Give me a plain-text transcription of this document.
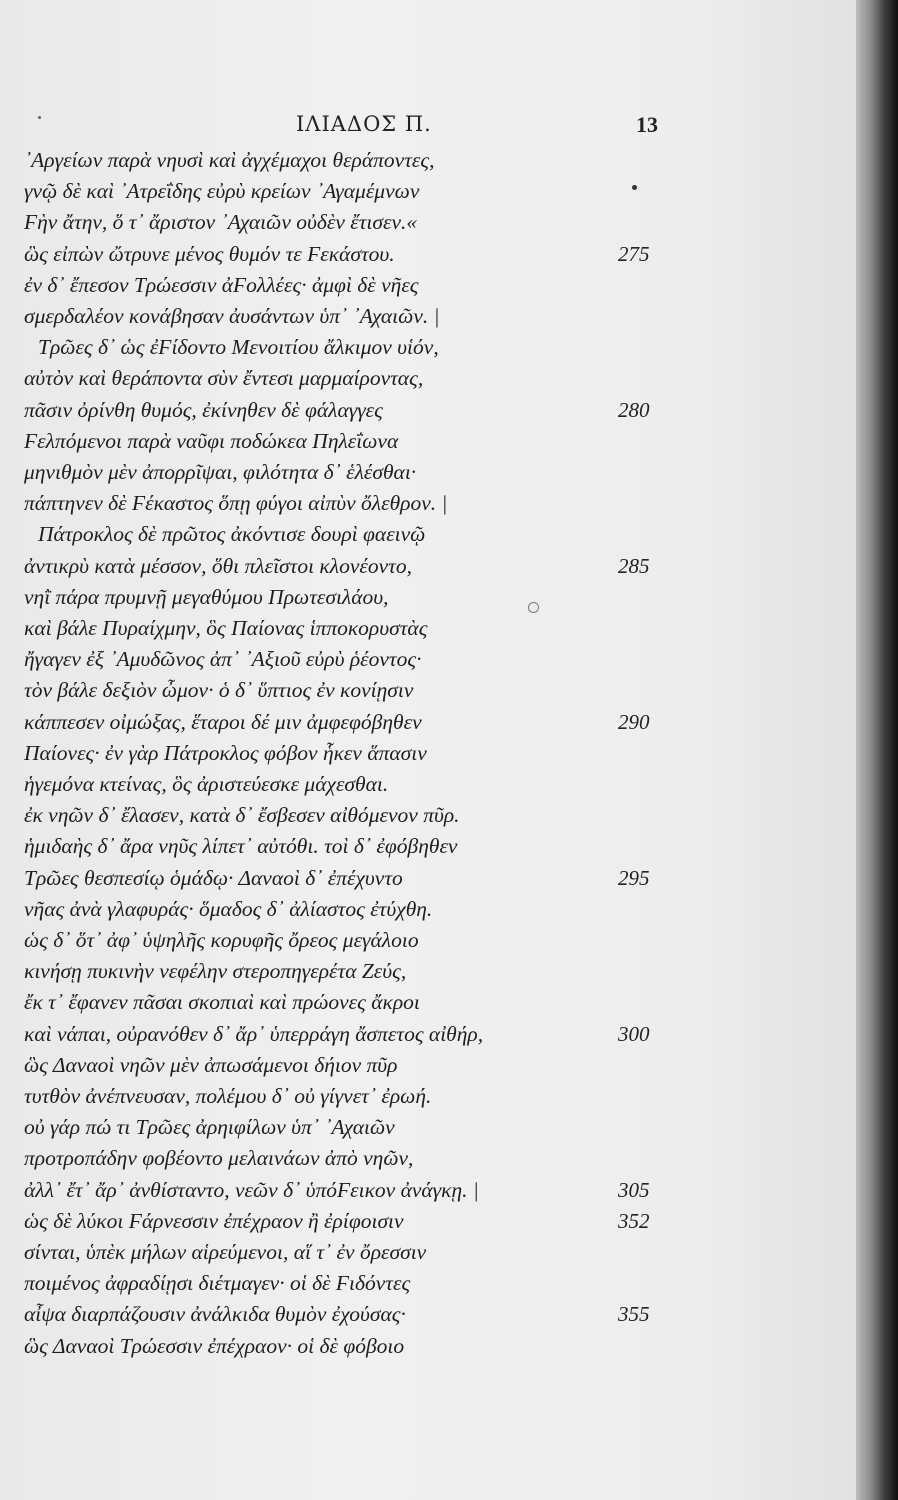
ΙΛΙΑΔΟΣ Π.	13
᾽Αργείων παρὰ νηυσὶ καὶ ἀγχέμαχοι θεράποντες,
γνῷ δὲ καὶ ᾽Ατρεΐδης εὐρὺ κρείων ᾽Αγαμέμνων
Ϝὴν ἄτην, ὅ τ᾽ ἄριστον ᾽Αχαιῶν οὐδὲν ἔτισεν.«
ὣς εἰπὼν ὤτρυνε μένος θυμόν τε Ϝεκάστου.	275
ἐν δ᾽ ἔπεσον Τρώεσσιν ἀϜολλέες· ἀμφὶ δὲ νῆες
σμερδαλέον κονάβησαν ἀυσάντων ὑπ᾽ ᾽Αχαιῶν. |
Τρῶες δ᾽ ὡς ἐϜίδοντο Μενοιτίου ἄλκιμον υἱόν,
αὐτὸν καὶ θεράποντα σὺν ἔντεσι μαρμαίροντας,
πᾶσιν ὀρίνθη θυμός, ἐκίνηθεν δὲ φάλαγγες	280
Ϝελπόμενοι παρὰ ναῦφι ποδώκεα Πηλεΐωνα
μηνιθμὸν μὲν ἀπορρῖψαι, φιλότητα δ᾽ ἑλέσθαι·
πάπτηνεν δὲ Ϝέκαστος ὅπῃ φύγοι αἰπὺν ὄλεθρον. |
Πάτροκλος δὲ πρῶτος ἀκόντισε δουρὶ φαεινῷ
ἀντικρὺ κατὰ μέσσον, ὅθι πλεῖστοι κλονέοντο,	285
νηῒ πάρα πρυμνῇ μεγαθύμου Πρωτεσιλάου,
καὶ βάλε Πυραίχμην, ὃς Παίονας ἱπποκορυστὰς
ἤγαγεν ἐξ ᾽Αμυδῶνος ἀπ᾽ ᾽Αξιοῦ εὐρὺ ῥέοντος·
τὸν βάλε δεξιὸν ὦμον· ὁ δ᾽ ὕπτιος ἐν κονίῃσιν
κάππεσεν οἰμώξας, ἕταροι δέ μιν ἀμφεφόβηθεν	290
Παίονες· ἐν γὰρ Πάτροκλος φόβον ἧκεν ἅπασιν
ἡγεμόνα κτείνας, ὃς ἀριστεύεσκε μάχεσθαι.
ἐκ νηῶν δ᾽ ἔλασεν, κατὰ δ᾽ ἔσβεσεν αἰθόμενον πῦρ.
ἡμιδαὴς δ᾽ ἄρα νηῦς λίπετ᾽ αὐτόθι. τοὶ δ᾽ ἐφόβηθεν
Τρῶες θεσπεσίῳ ὁμάδῳ· Δαναοὶ δ᾽ ἐπέχυντο	295
νῆας ἀνὰ γλαφυράς· ὅμαδος δ᾽ ἀλίαστος ἐτύχθη.
ὡς δ᾽ ὅτ᾽ ἀφ᾽ ὑψηλῆς κορυφῆς ὄρεος μεγάλοιο
κινήσῃ πυκινὴν νεφέλην στεροπηγερέτα Ζεύς,
ἔκ τ᾽ ἔφανεν πᾶσαι σκοπιαὶ καὶ πρώονες ἄκροι
καὶ νάπαι, οὐρανόθεν δ᾽ ἄρ᾽ ὑπερράγη ἄσπετος αἰθήρ,	300
ὣς Δαναοὶ νηῶν μὲν ἀπωσάμενοι δήιον πῦρ
τυτθὸν ἀνέπνευσαν, πολέμου δ᾽ οὐ γίγνετ᾽ ἐρωή.
οὐ γάρ πώ τι Τρῶες ἀρηιφίλων ὑπ᾽ ᾽Αχαιῶν
προτροπάδην φοβέοντο μελαινάων ἀπὸ νηῶν,
ἀλλ᾽ ἔτ᾽ ἄρ᾽ ἀνθίσταντο, νεῶν δ᾽ ὑπόϜεικον ἀνάγκῃ. |	305
ὡς δὲ λύκοι Ϝάρνεσσιν ἐπέχραον ἢ ἐρίφοισιν	352
σίνται, ὑπὲκ μήλων αἱρεύμενοι, αἵ τ᾽ ἐν ὄρεσσιν
ποιμένος ἀφραδίῃσι διέτμαγεν· οἱ δὲ Ϝιδόντες
αἶψα διαρπάζουσιν ἀνάλκιδα θυμὸν ἐχούσας·	355
ὣς Δαναοὶ Τρώεσσιν ἐπέχραον· οἱ δὲ φόβοιο
